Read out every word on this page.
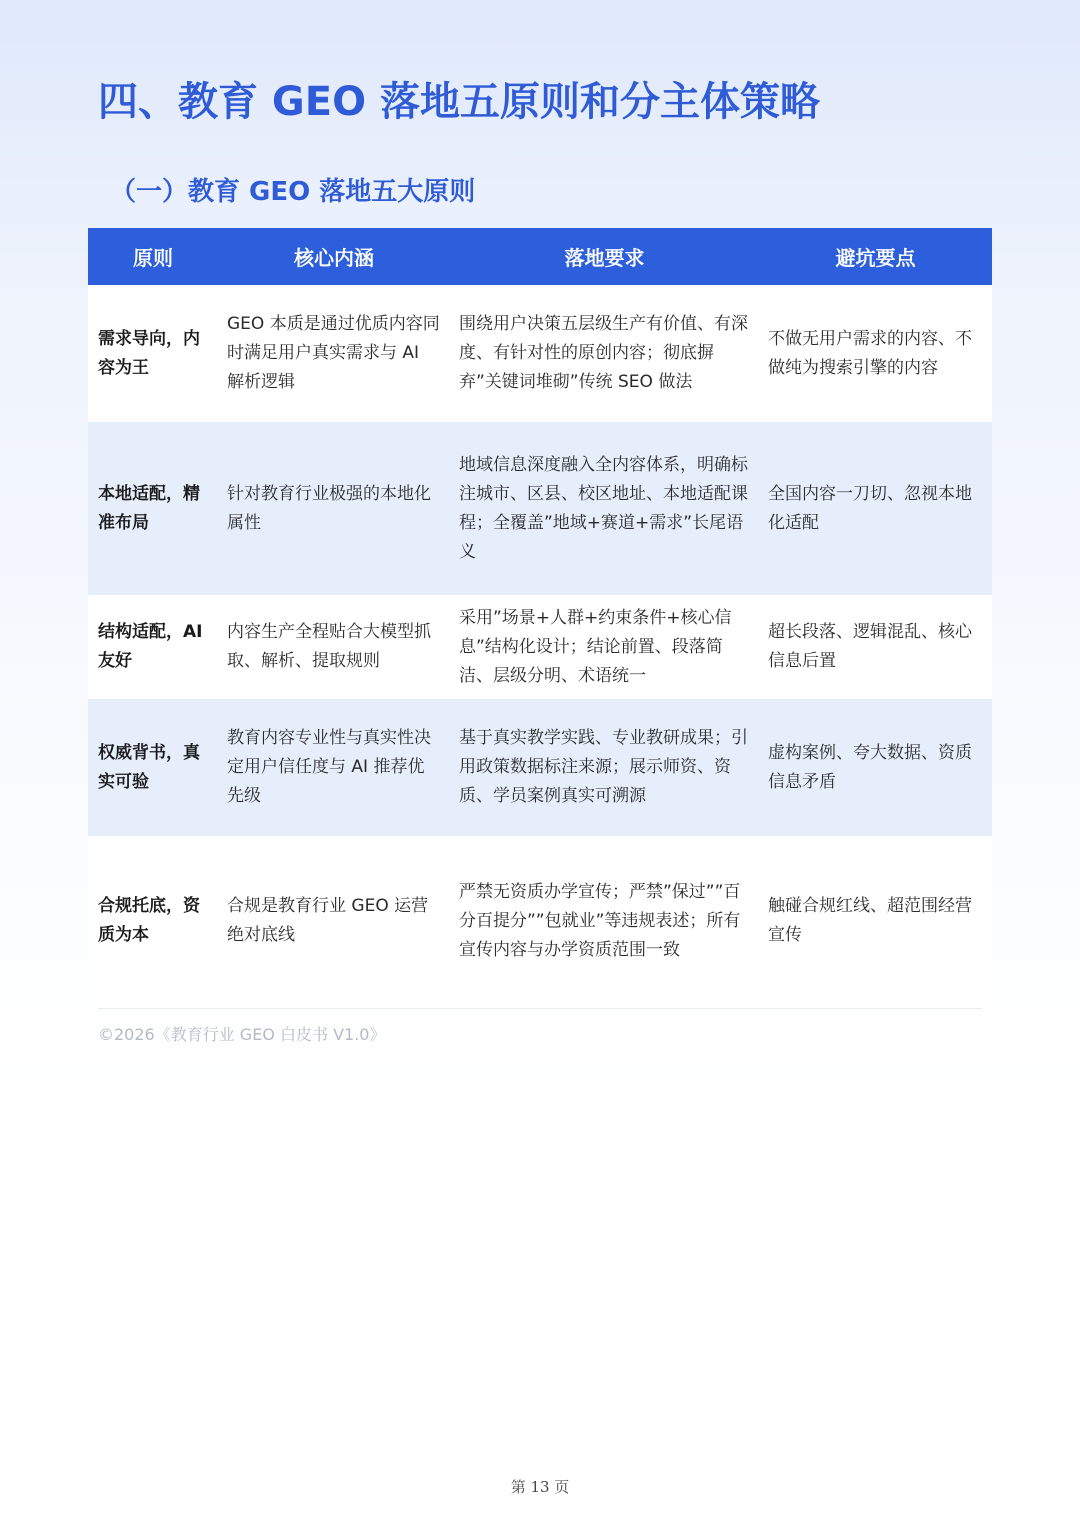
四、教育 GEO 落地五原则和分主体策略
（一）教育 GEO 落地五大原则
原则	核心内涵	落地要求	避坑要点
需求导向，内容为王	GEO 本质是通过优质内容同时满足用户真实需求与 AI 解析逻辑	围绕用户决策五层级生产有价值、有深度、有针对性的原创内容；彻底摒弃”关键词堆砌”传统 SEO 做法	不做无用户需求的内容、不做纯为搜索引擎的内容
本地适配，精准布局	针对教育行业极强的本地化属性	地域信息深度融入全内容体系，明确标注城市、区县、校区地址、本地适配课程；全覆盖”地域+赛道+需求”长尾语义	全国内容一刀切、忽视本地化适配
结构适配，AI 友好	内容生产全程贴合大模型抓取、解析、提取规则	采用”场景+人群+约束条件+核心信息”结构化设计；结论前置、段落简洁、层级分明、术语统一	超长段落、逻辑混乱、核心信息后置
权威背书，真实可验	教育内容专业性与真实性决定用户信任度与 AI 推荐优先级	基于真实教学实践、专业教研成果；引用政策数据标注来源；展示师资、资质、学员案例真实可溯源	虚构案例、夸大数据、资质信息矛盾
合规托底，资质为本	合规是教育行业 GEO 运营绝对底线	严禁无资质办学宣传；严禁”保过””百分百提分””包就业”等违规表述；所有宣传内容与办学资质范围一致	触碰合规红线、超范围经营宣传
©2026《教育行业 GEO 白皮书 V1.0》
第 13 页
